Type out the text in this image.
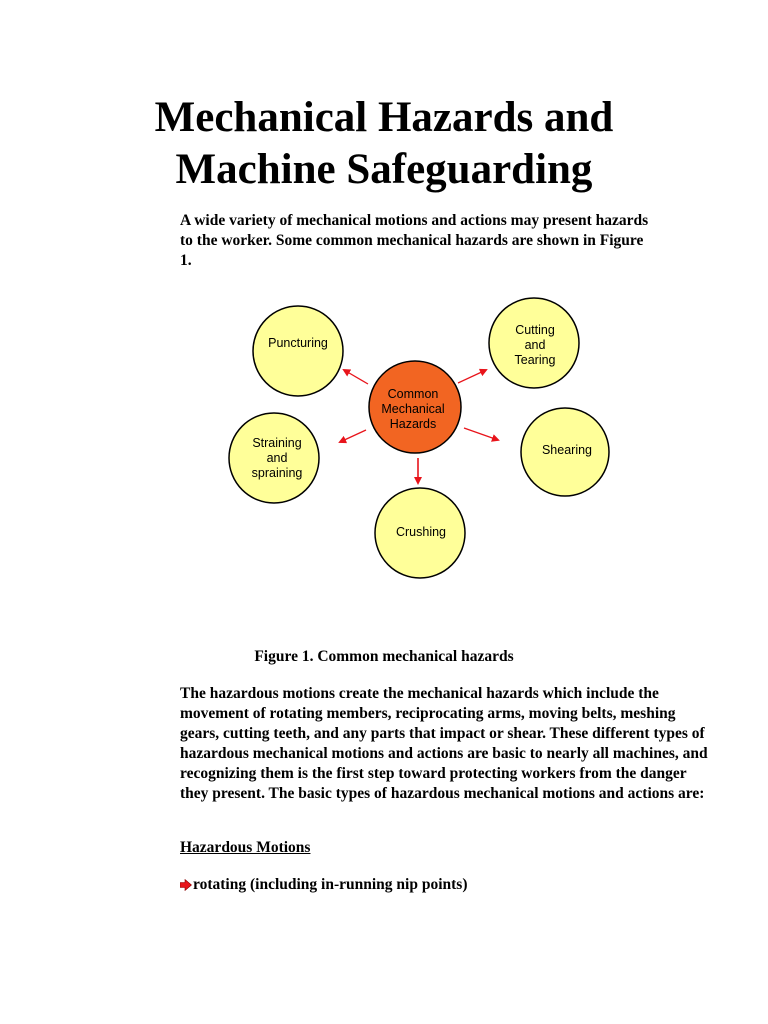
Mechanical Hazards and
Machine Safeguarding

A wide variety of mechanical motions and actions may present hazards to the worker. Some common mechanical hazards are shown in Figure 1.

Common
Mechanical
Hazards
Puncturing
Cutting
and
Tearing
Straining
and
spraining
Shearing
Crushing

Figure 1. Common mechanical hazards

The hazardous motions create the mechanical hazards which include the movement of rotating members, reciprocating arms, moving belts, meshing gears, cutting teeth, and any parts that impact or shear. These different types of hazardous mechanical motions and actions are basic to nearly all machines, and recognizing them is the first step toward protecting workers from the danger they present. The basic types of hazardous mechanical motions and actions are:

Hazardous Motions

rotating (including in-running nip points)
